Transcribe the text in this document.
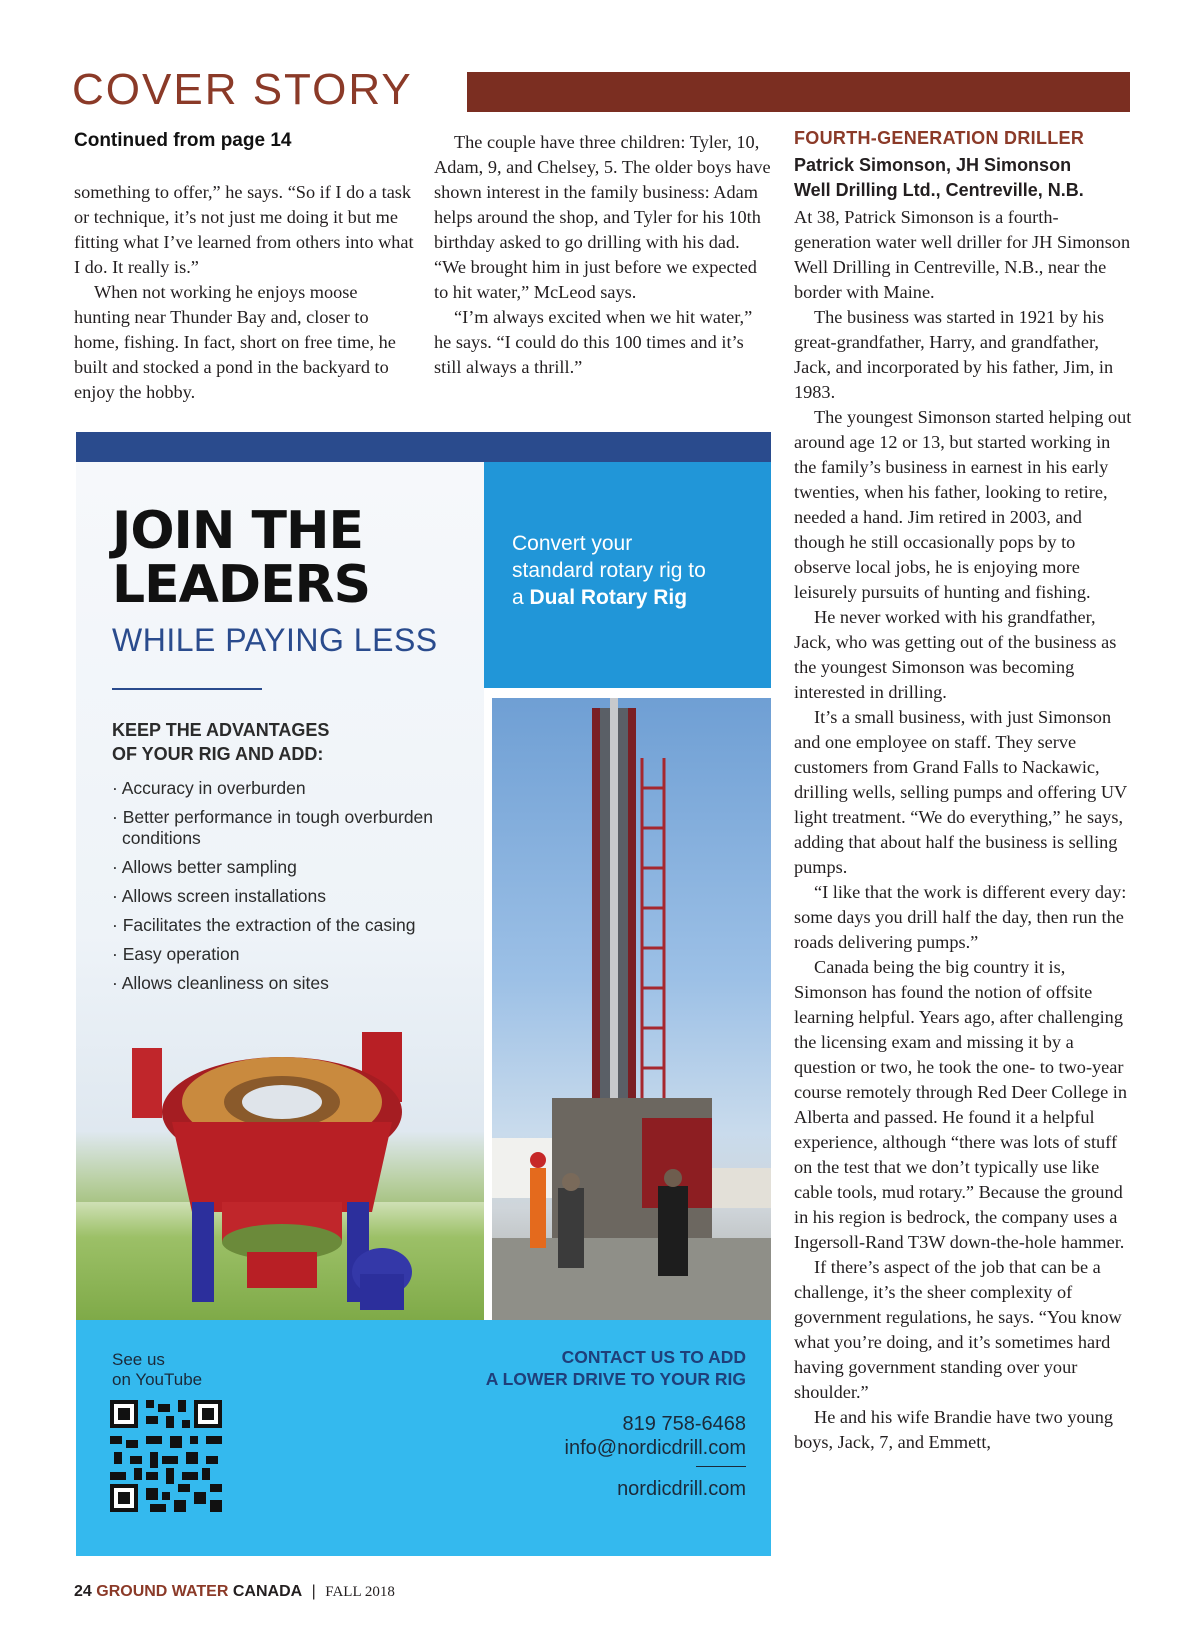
COVER STORY
Continued from page 14

something to offer,” he says. “So if I do a task or technique, it’s not just me doing it but me fitting what I’ve learned from others into what I do. It really is.”

When not working he enjoys moose hunting near Thunder Bay and, closer to home, fishing. In fact, short on free time, he built and stocked a pond in the backyard to enjoy the hobby.

The couple have three children: Tyler, 10, Adam, 9, and Chelsey, 5. The older boys have shown interest in the family business: Adam helps around the shop, and Tyler for his 10th birthday asked to go drilling with his dad. “We brought him in just before we expected to hit water,” McLeod says.

“I’m always excited when we hit water,” he says. “I could do this 100 times and it’s still always a thrill.”

FOURTH-GENERATION DRILLER
Patrick Simonson, JH Simonson
Well Drilling Ltd., Centreville, N.B.

At 38, Patrick Simonson is a fourth-generation water well driller for JH Simonson Well Drilling in Centreville, N.B., near the border with Maine.

The business was started in 1921 by his great-grandfather, Harry, and grandfather, Jack, and incorporated by his father, Jim, in 1983.

The youngest Simonson started helping out around age 12 or 13, but started working in the family’s business in earnest in his early twenties, when his father, looking to retire, needed a hand. Jim retired in 2003, and though he still occasionally pops by to observe local jobs, he is enjoying more leisurely pursuits of hunting and fishing.

He never worked with his grandfather, Jack, who was getting out of the business as the youngest Simonson was becoming interested in drilling.

It’s a small business, with just Simonson and one employee on staff. They serve customers from Grand Falls to Nackawic, drilling wells, selling pumps and offering UV light treatment. “We do everything,” he says, adding that about half the business is selling pumps.

“I like that the work is different every day: some days you drill half the day, then run the roads delivering pumps.”

Canada being the big country it is, Simonson has found the notion of offsite learning helpful. Years ago, after challenging the licensing exam and missing it by a question or two, he took the one- to two-year course remotely through Red Deer College in Alberta and passed. He found it a helpful experience, although “there was lots of stuff on the test that we don’t typically use like cable tools, mud rotary.” Because the ground in his region is bedrock, the company uses a Ingersoll-Rand T3W down-the-hole hammer.

If there’s aspect of the job that can be a challenge, it’s the sheer complexity of government regulations, he says. “You know what you’re doing, and it’s sometimes hard having government standing over your shoulder.”

He and his wife Brandie have two young boys, Jack, 7, and Emmett,

JOIN THE
LEADERS
WHILE PAYING LESS
KEEP THE ADVANTAGES
OF YOUR RIG AND ADD:
· Accuracy in overburden
· Better performance in tough overburden conditions
· Allows better sampling
· Allows screen installations
· Facilitates the extraction of the casing
· Easy operation
· Allows cleanliness on sites
Convert your
standard rotary rig to
a Dual Rotary Rig
See us
on YouTube
CONTACT US TO ADD
A LOWER DRIVE TO YOUR RIG
819 758-6468
info@nordicdrill.com
nordicdrill.com
24 GROUND WATER CANADA | FALL 2018
